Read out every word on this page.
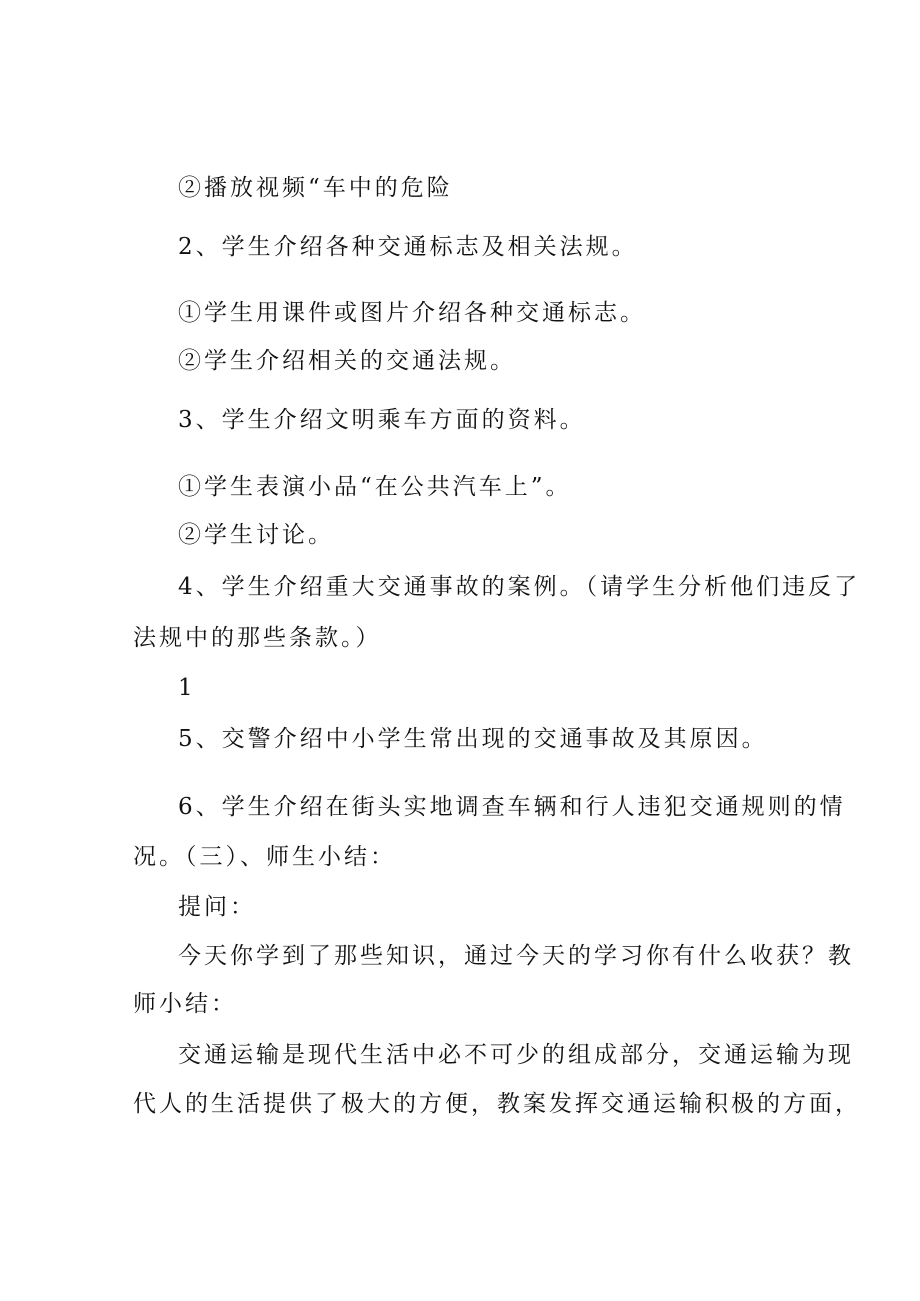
②播放视频“车中的危险
2、学生介绍各种交通标志及相关法规。
①学生用课件或图片介绍各种交通标志。
②学生介绍相关的交通法规。
3、学生介绍文明乘车方面的资料。
①学生表演小品“在公共汽车上”。
②学生讨论。
4、学生介绍重大交通事故的案例。（请学生分析他们违反了
法规中的那些条款。）
1
5、交警介绍中小学生常出现的交通事故及其原因。
6、学生介绍在街头实地调查车辆和行人违犯交通规则的情
况。（三）、师生小结：
提问：
今天你学到了那些知识，通过今天的学习你有什么收获？教
师小结：
交通运输是现代生活中必不可少的组成部分，交通运输为现
代人的生活提供了极大的方便，教案发挥交通运输积极的方面，
